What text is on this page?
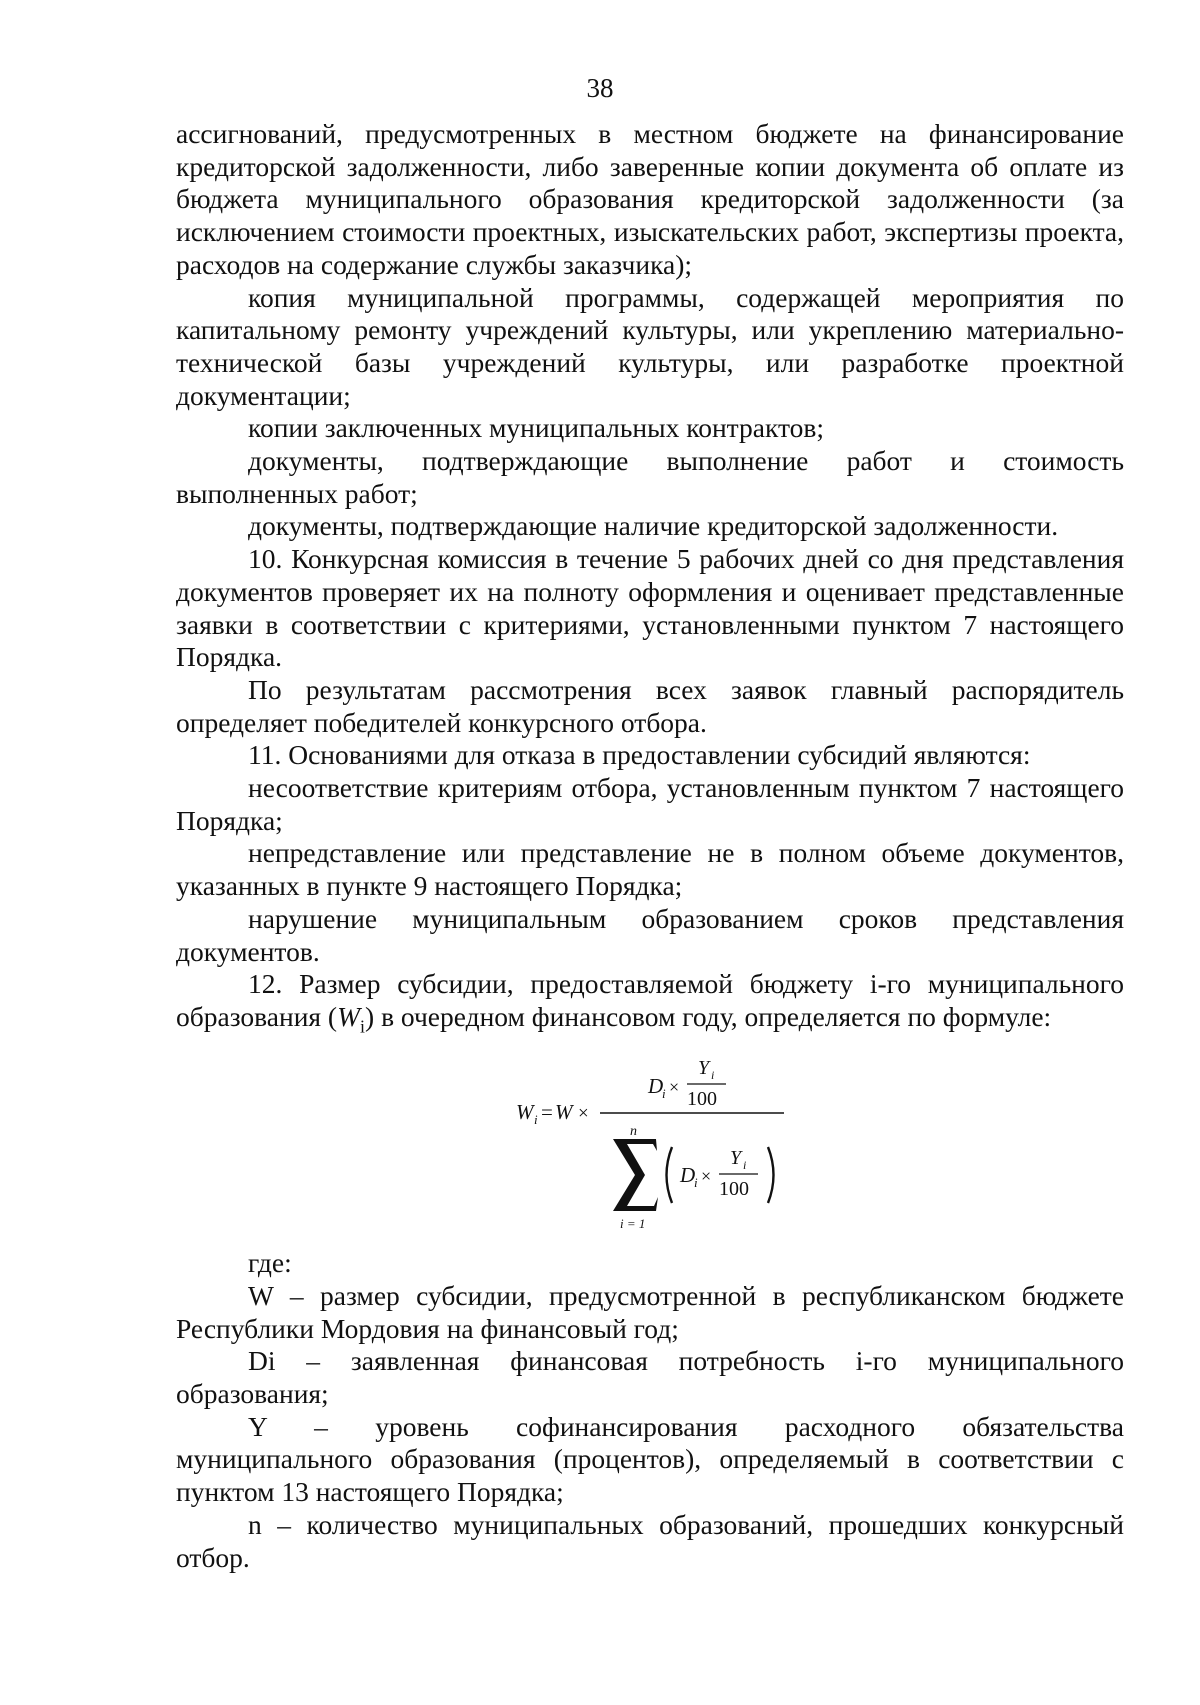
38

ассигнований, предусмотренных в местном бюджете на финансирование кредиторской задолженности, либо заверенные копии документа об оплате из бюджета муниципального образования кредиторской задолженности (за исключением стоимости проектных, изыскательских работ, экспертизы проекта, расходов на содержание службы заказчика);

копия муниципальной программы, содержащей мероприятия по капитальному ремонту учреждений культуры, или укреплению материально-технической базы учреждений культуры, или разработке проектной документации;

копии заключенных муниципальных контрактов;

документы, подтверждающие выполнение работ и стоимость выполненных работ;

документы, подтверждающие наличие кредиторской задолженности.

10. Конкурсная комиссия в течение 5 рабочих дней со дня представления документов проверяет их на полноту оформления и оценивает представленные заявки в соответствии с критериями, установленными пунктом 7 настоящего Порядка.

По результатам рассмотрения всех заявок главный распорядитель определяет победителей конкурсного отбора.

11. Основаниями для отказа в предоставлении субсидий являются:

несоответствие критериям отбора, установленным пунктом 7 настоящего Порядка;

непредставление или представление не в полном объеме документов, указанных в пункте 9 настоящего Порядка;

нарушение муниципальным образованием сроков представления документов.

12. Размер субсидии, предоставляемой бюджету i-го муниципального образования $(W_i)$ в очередном финансовом году, определяется по формуле:

W i = W ×
D
i ×
Y i
100
n
i = 1
D
i ×
Y i
100

где:

W – размер субсидии, предусмотренной в республиканском бюджете Республики Мордовия на финансовый год;

Di – заявленная финансовая потребность i-го муниципального образования;

Y – уровень софинансирования расходного обязательства муниципального образования (процентов), определяемый в соответствии с пунктом 13 настоящего Порядка;

n – количество муниципальных образований, прошедших конкурсный отбор.
